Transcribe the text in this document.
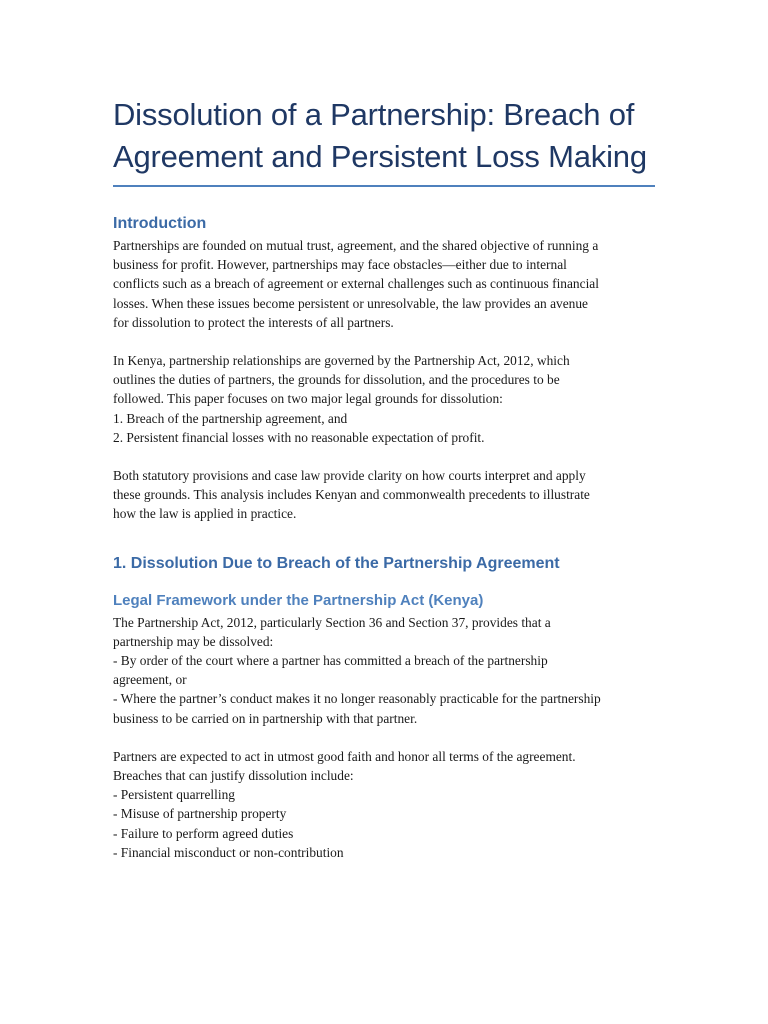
Dissolution of a Partnership: Breach of Agreement and Persistent Loss Making
Introduction

Partnerships are founded on mutual trust, agreement, and the shared objective of running a

business for profit. However, partnerships may face obstacles—either due to internal

conflicts such as a breach of agreement or external challenges such as continuous financial

losses. When these issues become persistent or unresolvable, the law provides an avenue

for dissolution to protect the interests of all partners.

In Kenya, partnership relationships are governed by the Partnership Act, 2012, which

outlines the duties of partners, the grounds for dissolution, and the procedures to be

followed. This paper focuses on two major legal grounds for dissolution:

1. Breach of the partnership agreement, and

2. Persistent financial losses with no reasonable expectation of profit.

Both statutory provisions and case law provide clarity on how courts interpret and apply

these grounds. This analysis includes Kenyan and commonwealth precedents to illustrate

how the law is applied in practice.

1. Dissolution Due to Breach of the Partnership Agreement
Legal Framework under the Partnership Act (Kenya)

The Partnership Act, 2012, particularly Section 36 and Section 37, provides that a

partnership may be dissolved:

- By order of the court where a partner has committed a breach of the partnership

agreement, or

- Where the partner’s conduct makes it no longer reasonably practicable for the partnership

business to be carried on in partnership with that partner.

Partners are expected to act in utmost good faith and honor all terms of the agreement.

Breaches that can justify dissolution include:

- Persistent quarrelling

- Misuse of partnership property

- Failure to perform agreed duties

- Financial misconduct or non-contribution
